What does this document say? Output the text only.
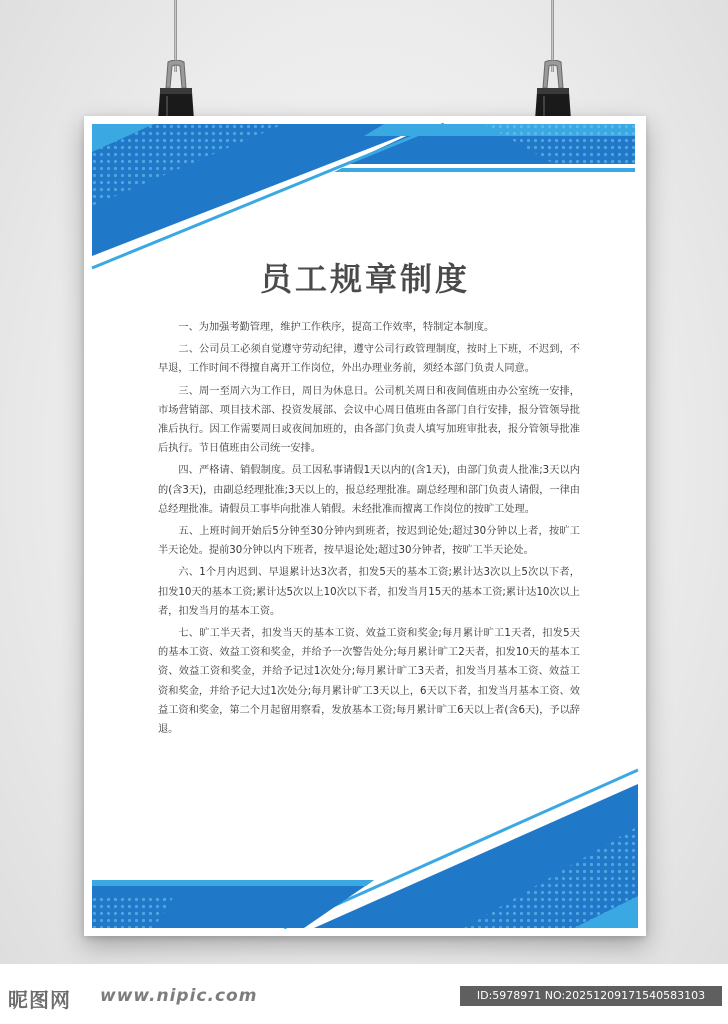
员工规章制度

一、为加强考勤管理，维护工作秩序，提高工作效率，特制定本制度。

二、公司员工必须自觉遵守劳动纪律，遵守公司行政管理制度，按时上下班，不迟到，不早退，工作时间不得擅自离开工作岗位，外出办理业务前，须经本部门负责人同意。

三、周一至周六为工作日，周日为休息日。公司机关周日和夜间值班由办公室统一安排，市场营销部、项目技术部、投资发展部、会议中心周日值班由各部门自行安排，报分管领导批准后执行。因工作需要周日或夜间加班的，由各部门负责人填写加班审批表，报分管领导批准后执行。节日值班由公司统一安排。

四、严格请、销假制度。员工因私事请假1天以内的(含1天)，由部门负责人批准;3天以内的(含3天)，由副总经理批准;3天以上的，报总经理批准。副总经理和部门负责人请假，一律由总经理批准。请假员工事毕向批准人销假。未经批准而擅离工作岗位的按旷工处理。

五、上班时间开始后5分钟至30分钟内到班者，按迟到论处;超过30分钟以上者，按旷工半天论处。提前30分钟以内下班者，按早退论处;超过30分钟者，按旷工半天论处。

六、1个月内迟到、早退累计达3次者，扣发5天的基本工资;累计达3次以上5次以下者，扣发10天的基本工资;累计达5次以上10次以下者，扣发当月15天的基本工资;累计达10次以上者，扣发当月的基本工资。

七、旷工半天者，扣发当天的基本工资、效益工资和奖金;每月累计旷工1天者，扣发5天的基本工资、效益工资和奖金，并给予一次警告处分;每月累计旷工2天者，扣发10天的基本工资、效益工资和奖金，并给予记过1次处分;每月累计旷工3天者，扣发当月基本工资、效益工资和奖金，并给予记大过1次处分;每月累计旷工3天以上，6天以下者，扣发当月基本工资、效益工资和奖金，第二个月起留用察看，发放基本工资;每月累计旷工6天以上者(含6天)，予以辞退。

昵图网 www.nipic.com	ID:5978971 NO:20251209171540583103
